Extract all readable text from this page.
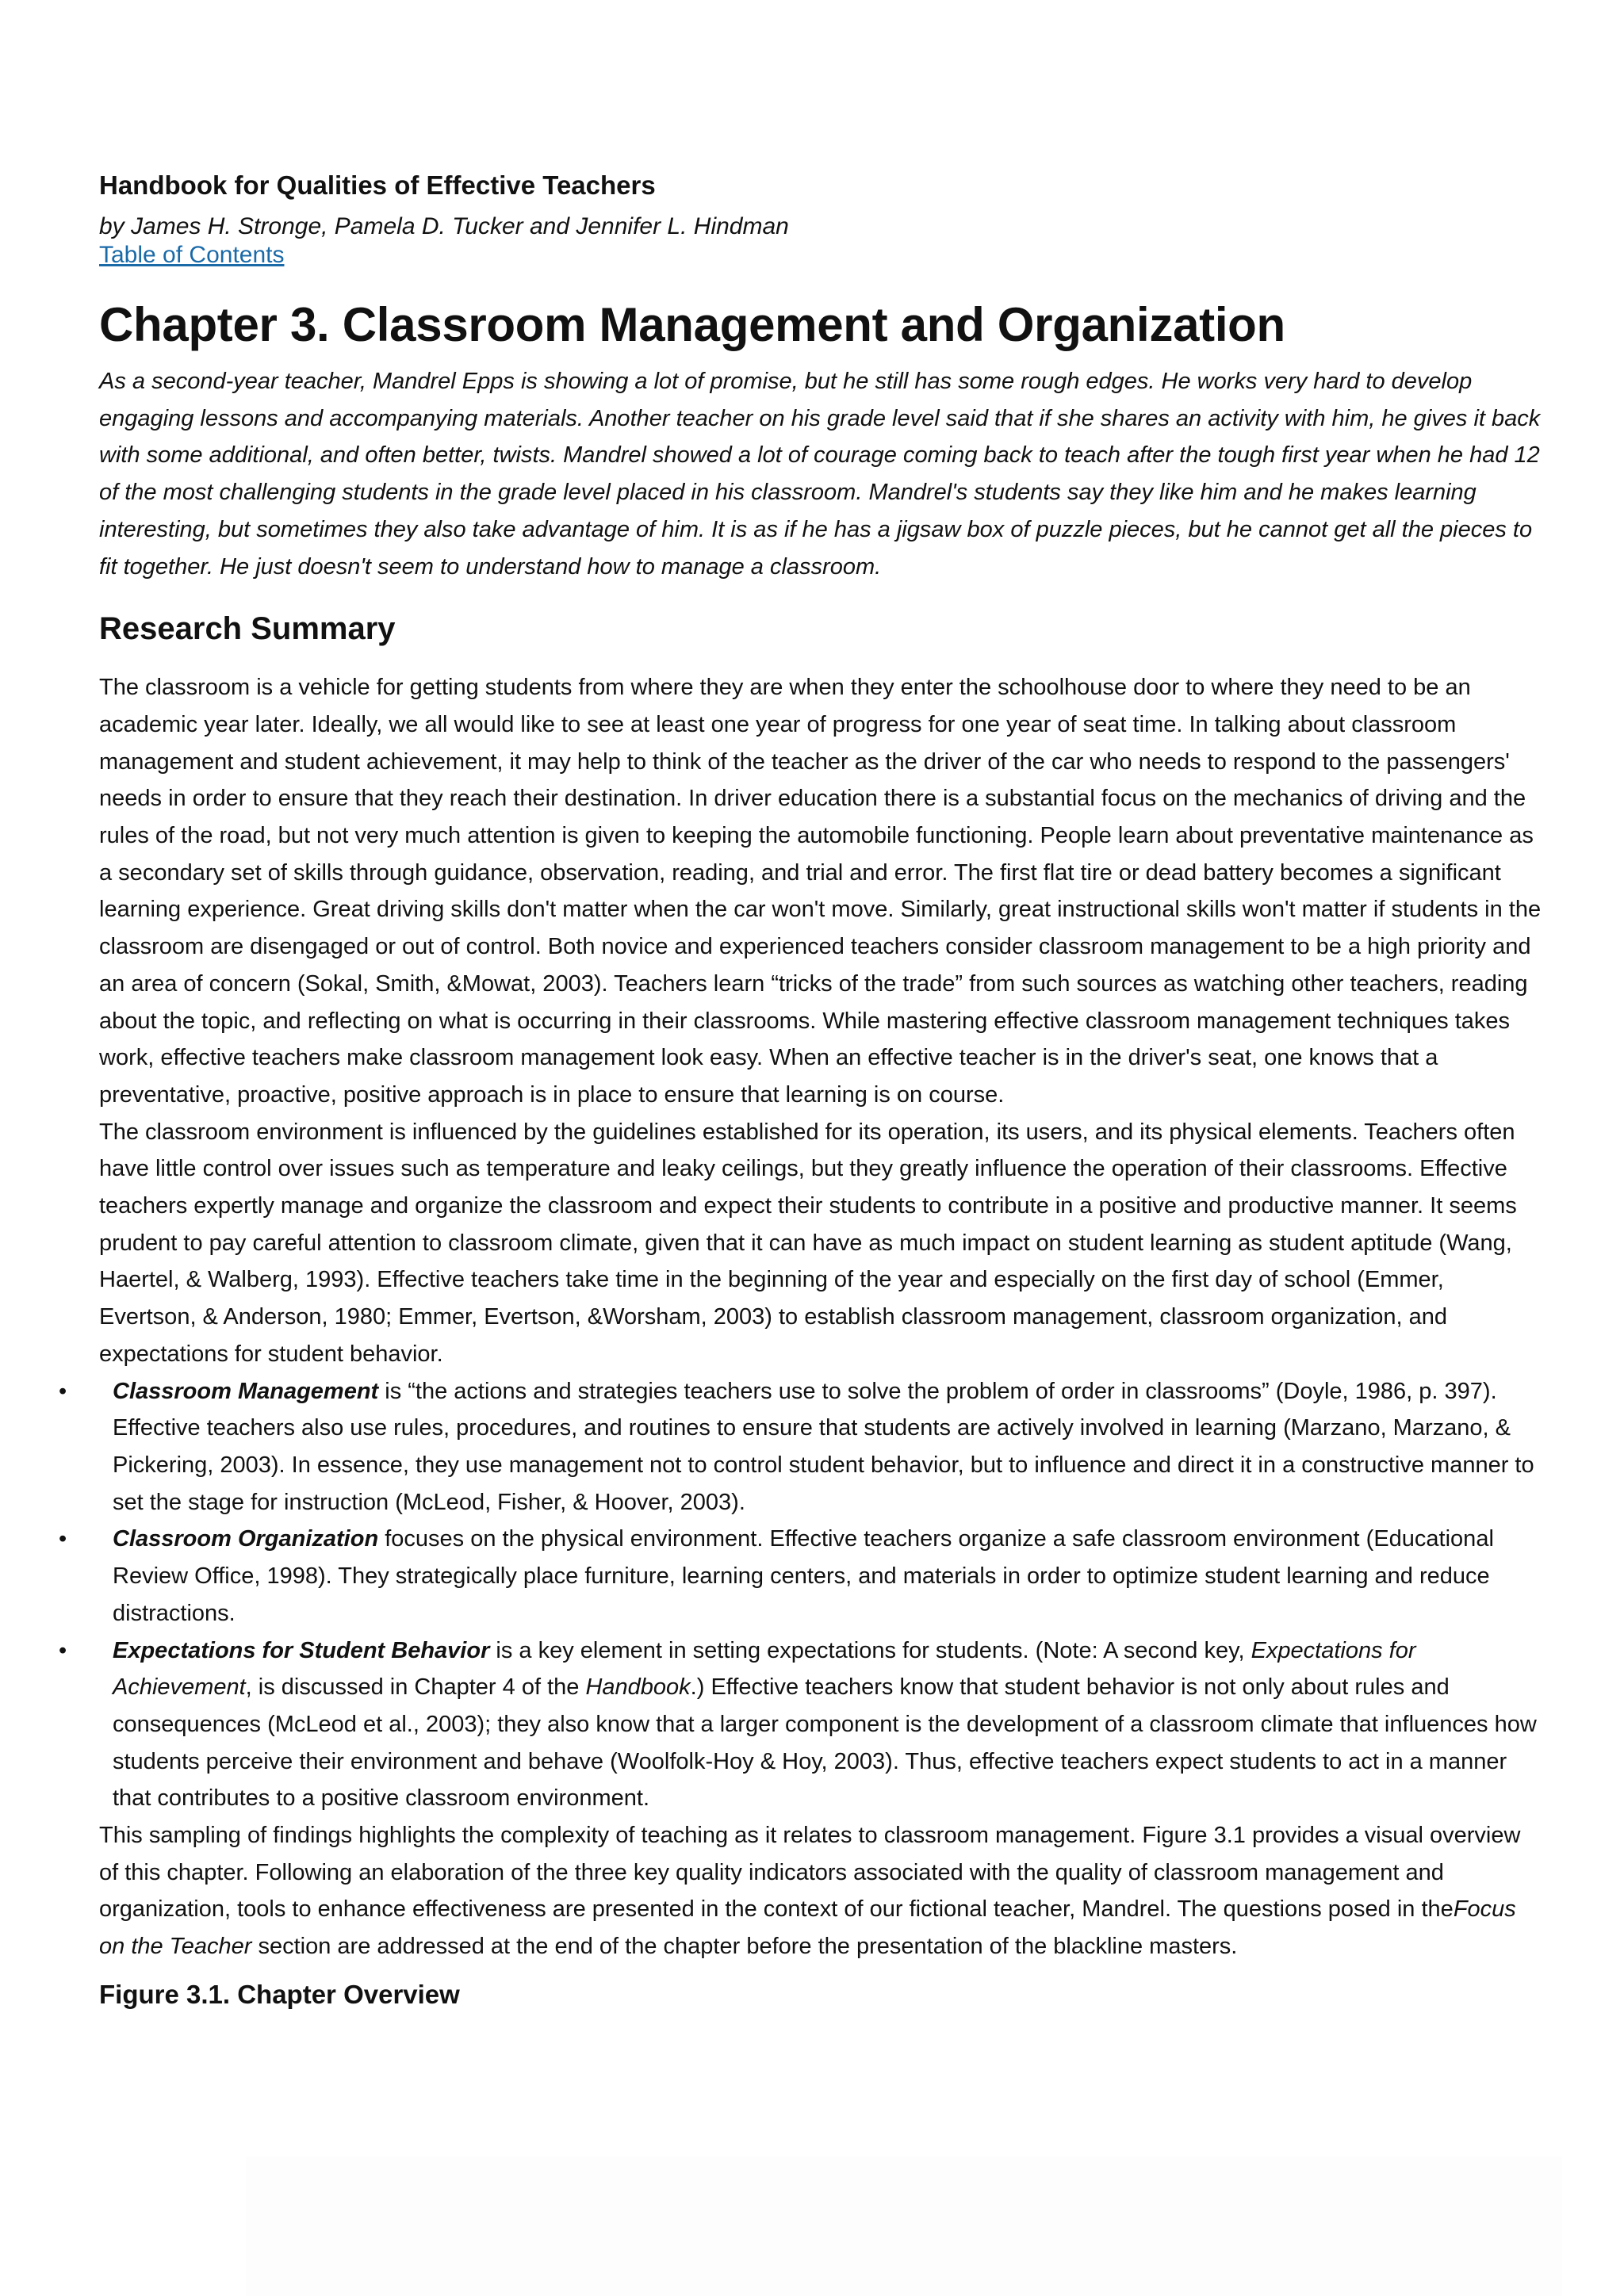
Handbook for Qualities of Effective Teachers

by James H. Stronge, Pamela D. Tucker and Jennifer L. Hindman

Table of Contents
Chapter 3. Classroom Management and Organization

As a second-year teacher, Mandrel Epps is showing a lot of promise, but he still has some rough edges. He works very hard to develop engaging lessons and accompanying materials. Another teacher on his grade level said that if she shares an activity with him, he gives it back with some additional, and often better, twists. Mandrel showed a lot of courage coming back to teach after the tough first year when he had 12 of the most challenging students in the grade level placed in his classroom. Mandrel's students say they like him and he makes learning interesting, but sometimes they also take advantage of him. It is as if he has a jigsaw box of puzzle pieces, but he cannot get all the pieces to fit together. He just doesn't seem to understand how to manage a classroom.

Research Summary

The classroom is a vehicle for getting students from where they are when they enter the schoolhouse door to where they need to be an academic year later. Ideally, we all would like to see at least one year of progress for one year of seat time. In talking about classroom management and student achievement, it may help to think of the teacher as the driver of the car who needs to respond to the passengers' needs in order to ensure that they reach their destination. In driver education there is a substantial focus on the mechanics of driving and the rules of the road, but not very much attention is given to keeping the automobile functioning. People learn about preventative maintenance as a secondary set of skills through guidance, observation, reading, and trial and error. The first flat tire or dead battery becomes a significant learning experience. Great driving skills don't matter when the car won't move. Similarly, great instructional skills won't matter if students in the classroom are disengaged or out of control. Both novice and experienced teachers consider classroom management to be a high priority and an area of concern (Sokal, Smith, &Mowat, 2003). Teachers learn “tricks of the trade” from such sources as watching other teachers, reading about the topic, and reflecting on what is occurring in their classrooms. While mastering effective classroom management techniques takes work, effective teachers make classroom management look easy. When an effective teacher is in the driver's seat, one knows that a preventative, proactive, positive approach is in place to ensure that learning is on course.

The classroom environment is influenced by the guidelines established for its operation, its users, and its physical elements. Teachers often have little control over issues such as temperature and leaky ceilings, but they greatly influence the operation of their classrooms. Effective teachers expertly manage and organize the classroom and expect their students to contribute in a positive and productive manner. It seems prudent to pay careful attention to classroom climate, given that it can have as much impact on student learning as student aptitude (Wang, Haertel, & Walberg, 1993). Effective teachers take time in the beginning of the year and especially on the first day of school (Emmer, Evertson, & Anderson, 1980; Emmer, Evertson, &Worsham, 2003) to establish classroom management, classroom organization, and expectations for student behavior.

• Classroom Management is “the actions and strategies teachers use to solve the problem of order in classrooms” (Doyle, 1986, p. 397). Effective teachers also use rules, procedures, and routines to ensure that students are actively involved in learning (Marzano, Marzano, & Pickering, 2003). In essence, they use management not to control student behavior, but to influence and direct it in a constructive manner to set the stage for instruction (McLeod, Fisher, & Hoover, 2003).
• Classroom Organization focuses on the physical environment. Effective teachers organize a safe classroom environment (Educational Review Office, 1998). They strategically place furniture, learning centers, and materials in order to optimize student learning and reduce distractions.
• Expectations for Student Behavior is a key element in setting expectations for students. (Note: A second key, Expectations for Achievement, is discussed in Chapter 4 of the Handbook.) Effective teachers know that student behavior is not only about rules and consequences (McLeod et al., 2003); they also know that a larger component is the development of a classroom climate that influences how students perceive their environment and behave (Woolfolk-Hoy & Hoy, 2003). Thus, effective teachers expect students to act in a manner that contributes to a positive classroom environment.

This sampling of findings highlights the complexity of teaching as it relates to classroom management. Figure 3.1 provides a visual overview of this chapter. Following an elaboration of the three key quality indicators associated with the quality of classroom management and organization, tools to enhance effectiveness are presented in the context of our fictional teacher, Mandrel. The questions posed in theFocus on the Teacher section are addressed at the end of the chapter before the presentation of the blackline masters.

Figure 3.1. Chapter Overview
